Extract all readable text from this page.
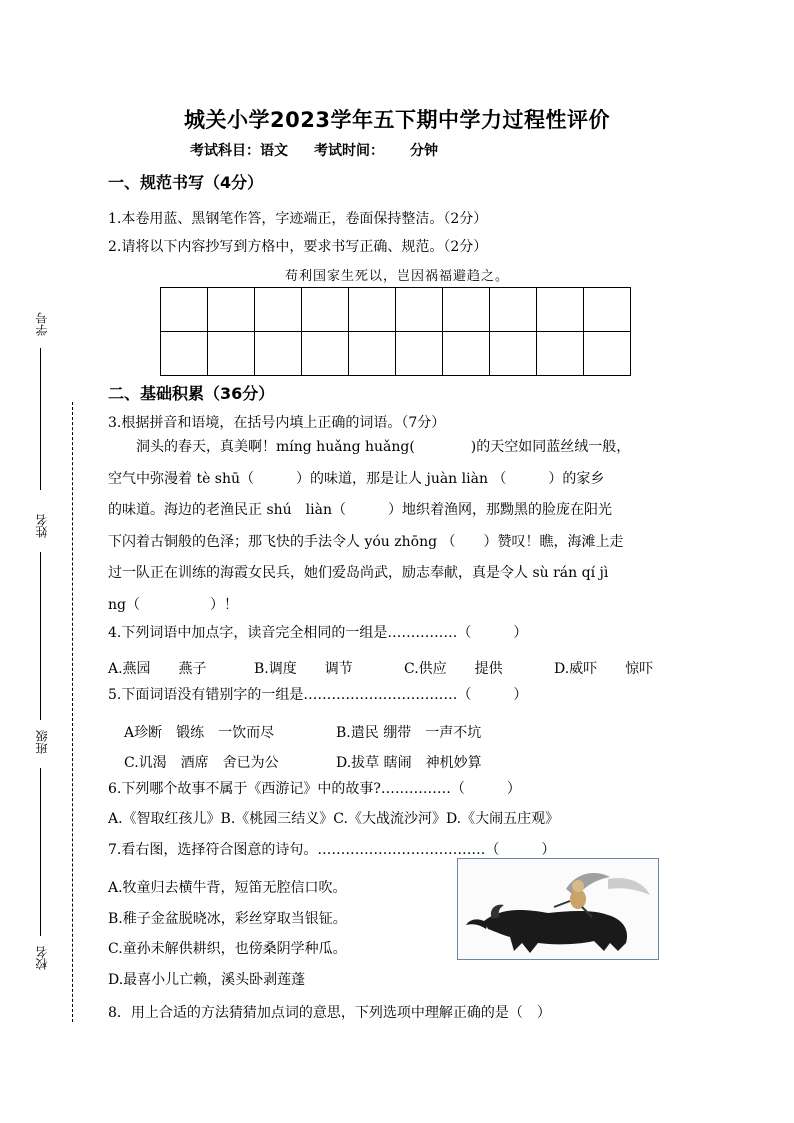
城关小学2023学年五下期中学力过程性评价
考试科目：语文 考试时间： 分钟
学号
姓名
班级
校名
一、规范书写（4分）
1.本卷用蓝、黑钢笔作答，字迹端正，卷面保持整洁。（2分）
2.请将以下内容抄写到方格中，要求书写正确、规范。（2分）
苟利国家生死以，岂因祸福避趋之。

二、基础积累（36分）
3.根据拼音和语境，在括号内填上正确的词语。（7分）

洞头的春天，真美啊！míng huǎng huǎng(　　　　)的天空如同蓝丝绒一般，

空气中弥漫着 tè shū（　　　）的味道，那是让人 juàn liàn （　　　）的家乡

的味道。海边的老渔民正 shú　liàn（　　　）地织着渔网，那黝黑的脸庞在阳光

下闪着古铜般的色泽；那飞快的手法令人 yóu zhōng （　　）赞叹！瞧，海滩上走

过一队正在训练的海霞女民兵，她们爱岛尚武，励志奉献，真是令人 sù rán qí jì

ng（　　　　　）！

4.下列词语中加点字，读音完全相同的一组是……………（　　　）
A.燕园　　燕子	B.调度　　调节	C.供应　　提供	D.威吓　　惊吓
5.下面词语没有错别字的一组是……………………………（　　　）
A珍断　锻练　一饮而尽	B.遣民 绷带　一声不坑
C.讥渴　酒席　舍已为公	D.拔草 瞎闹　神机妙算
6.下列哪个故事不属于《西游记》中的故事?……………（　　　）
A.《智取红孩儿》B.《桃园三结义》C.《大战流沙河》D.《大闹五庄观》
7.看右图，选择符合图意的诗句。………………………………（　　　）
A.牧童归去横牛背，短笛无腔信口吹。
B.稚子金盆脱晓冰，彩丝穿取当银钲。
C.童孙未解供耕织，也傍桑阴学种瓜。
D.最喜小儿亡赖，溪头卧剥莲蓬
8．用上合适的方法猜猜加点词的意思，下列选项中理解正确的是（　）
